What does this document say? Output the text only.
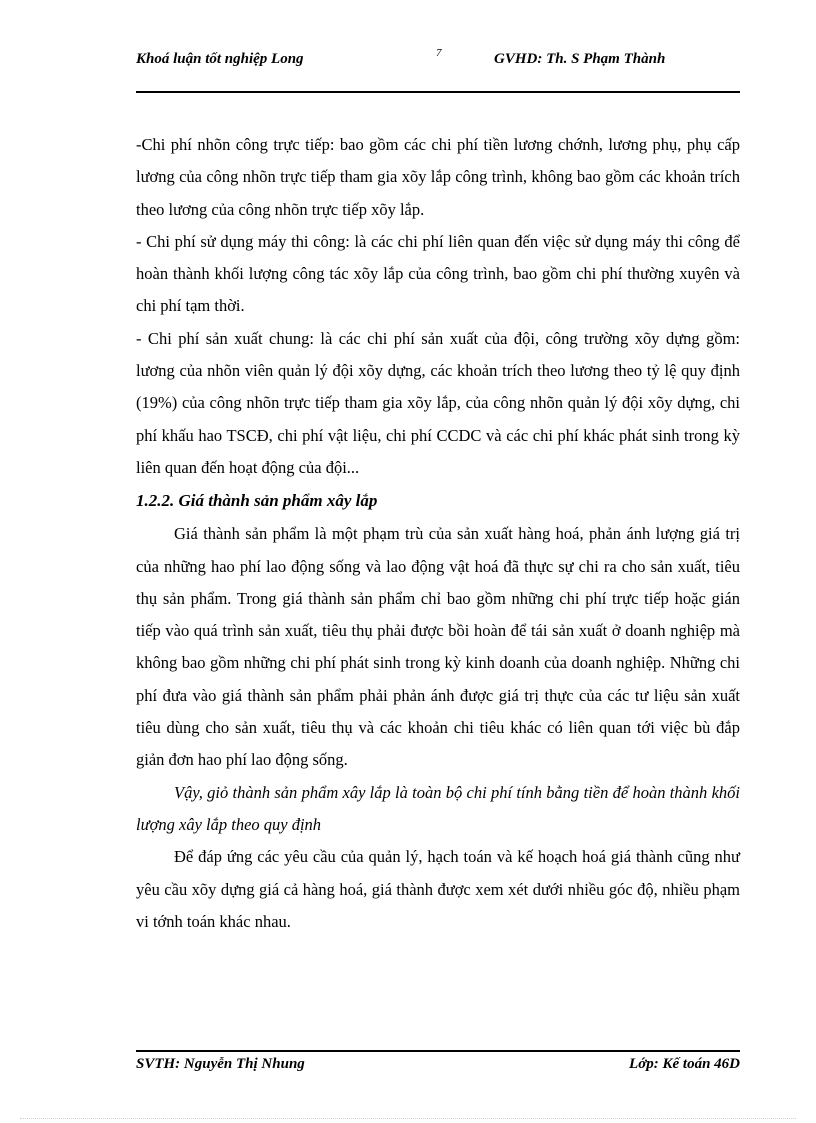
Khoá luận tốt nghiệp Long	7	GVHD: Th. S Phạm Thành

-Chi phí nhõn công trực tiếp: bao gồm các chi phí tiền lương chớnh, lương phụ, phụ cấp lương của công nhõn trực tiếp tham gia xõy lắp công trình, không bao gồm các khoản trích theo lương của công nhõn trực tiếp xõy lắp.

- Chi phí sử dụng máy thi công: là các chi phí liên quan đến việc sử dụng máy thi công để hoàn thành khối lượng công tác xõy lắp của công trình, bao gồm chi phí thường xuyên và chi phí tạm thời.

- Chi phí sản xuất chung: là các chi phí sản xuất của đội, công trường xõy dựng gồm: lương của nhõn viên quản lý đội xõy dựng, các khoản trích theo lương theo tỷ lệ quy định (19%) của công nhõn trực tiếp tham gia xõy lắp, của công nhõn quản lý đội xõy dựng, chi phí khấu hao TSCĐ, chi phí vật liệu, chi phí CCDC và các chi phí khác phát sinh trong kỳ liên quan đến hoạt động của đội...

1.2.2. Giá thành sản phẩm xây lắp

Giá thành sản phẩm là một phạm trù của sản xuất hàng hoá, phản ánh lượng giá trị của những hao phí lao động sống và lao động vật hoá đã thực sự chi ra cho sản xuất, tiêu thụ sản phẩm. Trong giá thành sản phẩm chỉ bao gồm những chi phí trực tiếp hoặc gián tiếp vào quá trình sản xuất, tiêu thụ phải được bồi hoàn để tái sản xuất ở doanh nghiệp mà không bao gồm những chi phí phát sinh trong kỳ kinh doanh của doanh nghiệp. Những chi phí đưa vào giá thành sản phẩm phải phản ánh được giá trị thực của các tư liệu sản xuất tiêu dùng cho sản xuất, tiêu thụ và các khoản chi tiêu khác có liên quan tới việc bù đắp giản đơn hao phí lao động sống.

Vậy, giỏ thành sản phẩm xây lắp là toàn bộ chi phí tính bằng tiền để hoàn thành khối lượng xây lắp theo quy định

Để đáp ứng các yêu cầu của quản lý, hạch toán và kế hoạch hoá giá thành cũng như yêu cầu xõy dựng giá cả hàng hoá, giá thành được xem xét dưới nhiều góc độ, nhiều phạm vi tớnh toán khác nhau.

SVTH: Nguyễn Thị Nhung	Lớp: Kế toán 46D
